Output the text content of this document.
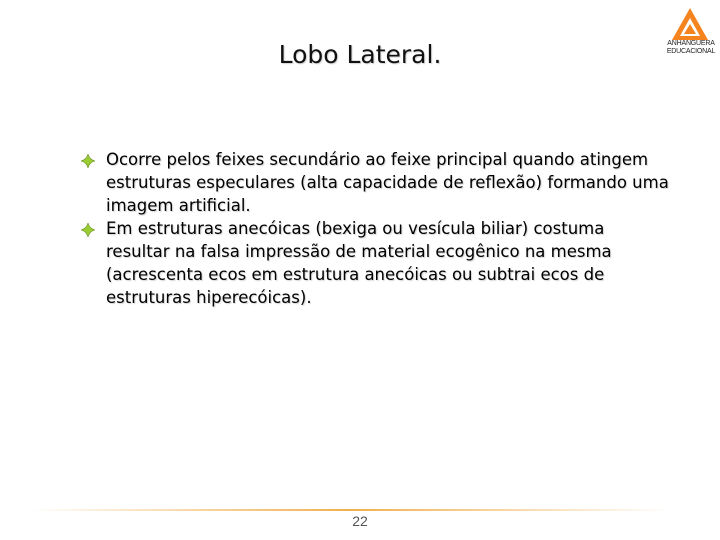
ANHANGUERA
EDUCACIONAL
Lobo Lateral.
Ocorre pelos feixes secundário ao feixe principal quando atingem estruturas especulares (alta capacidade de reflexão) formando uma imagem artificial.
Em estruturas anecóicas (bexiga ou vesícula biliar) costuma resultar na falsa impressão de material ecogênico na mesma (acrescenta ecos em estrutura anecóicas ou subtrai ecos de estruturas hiperecóicas).
22
